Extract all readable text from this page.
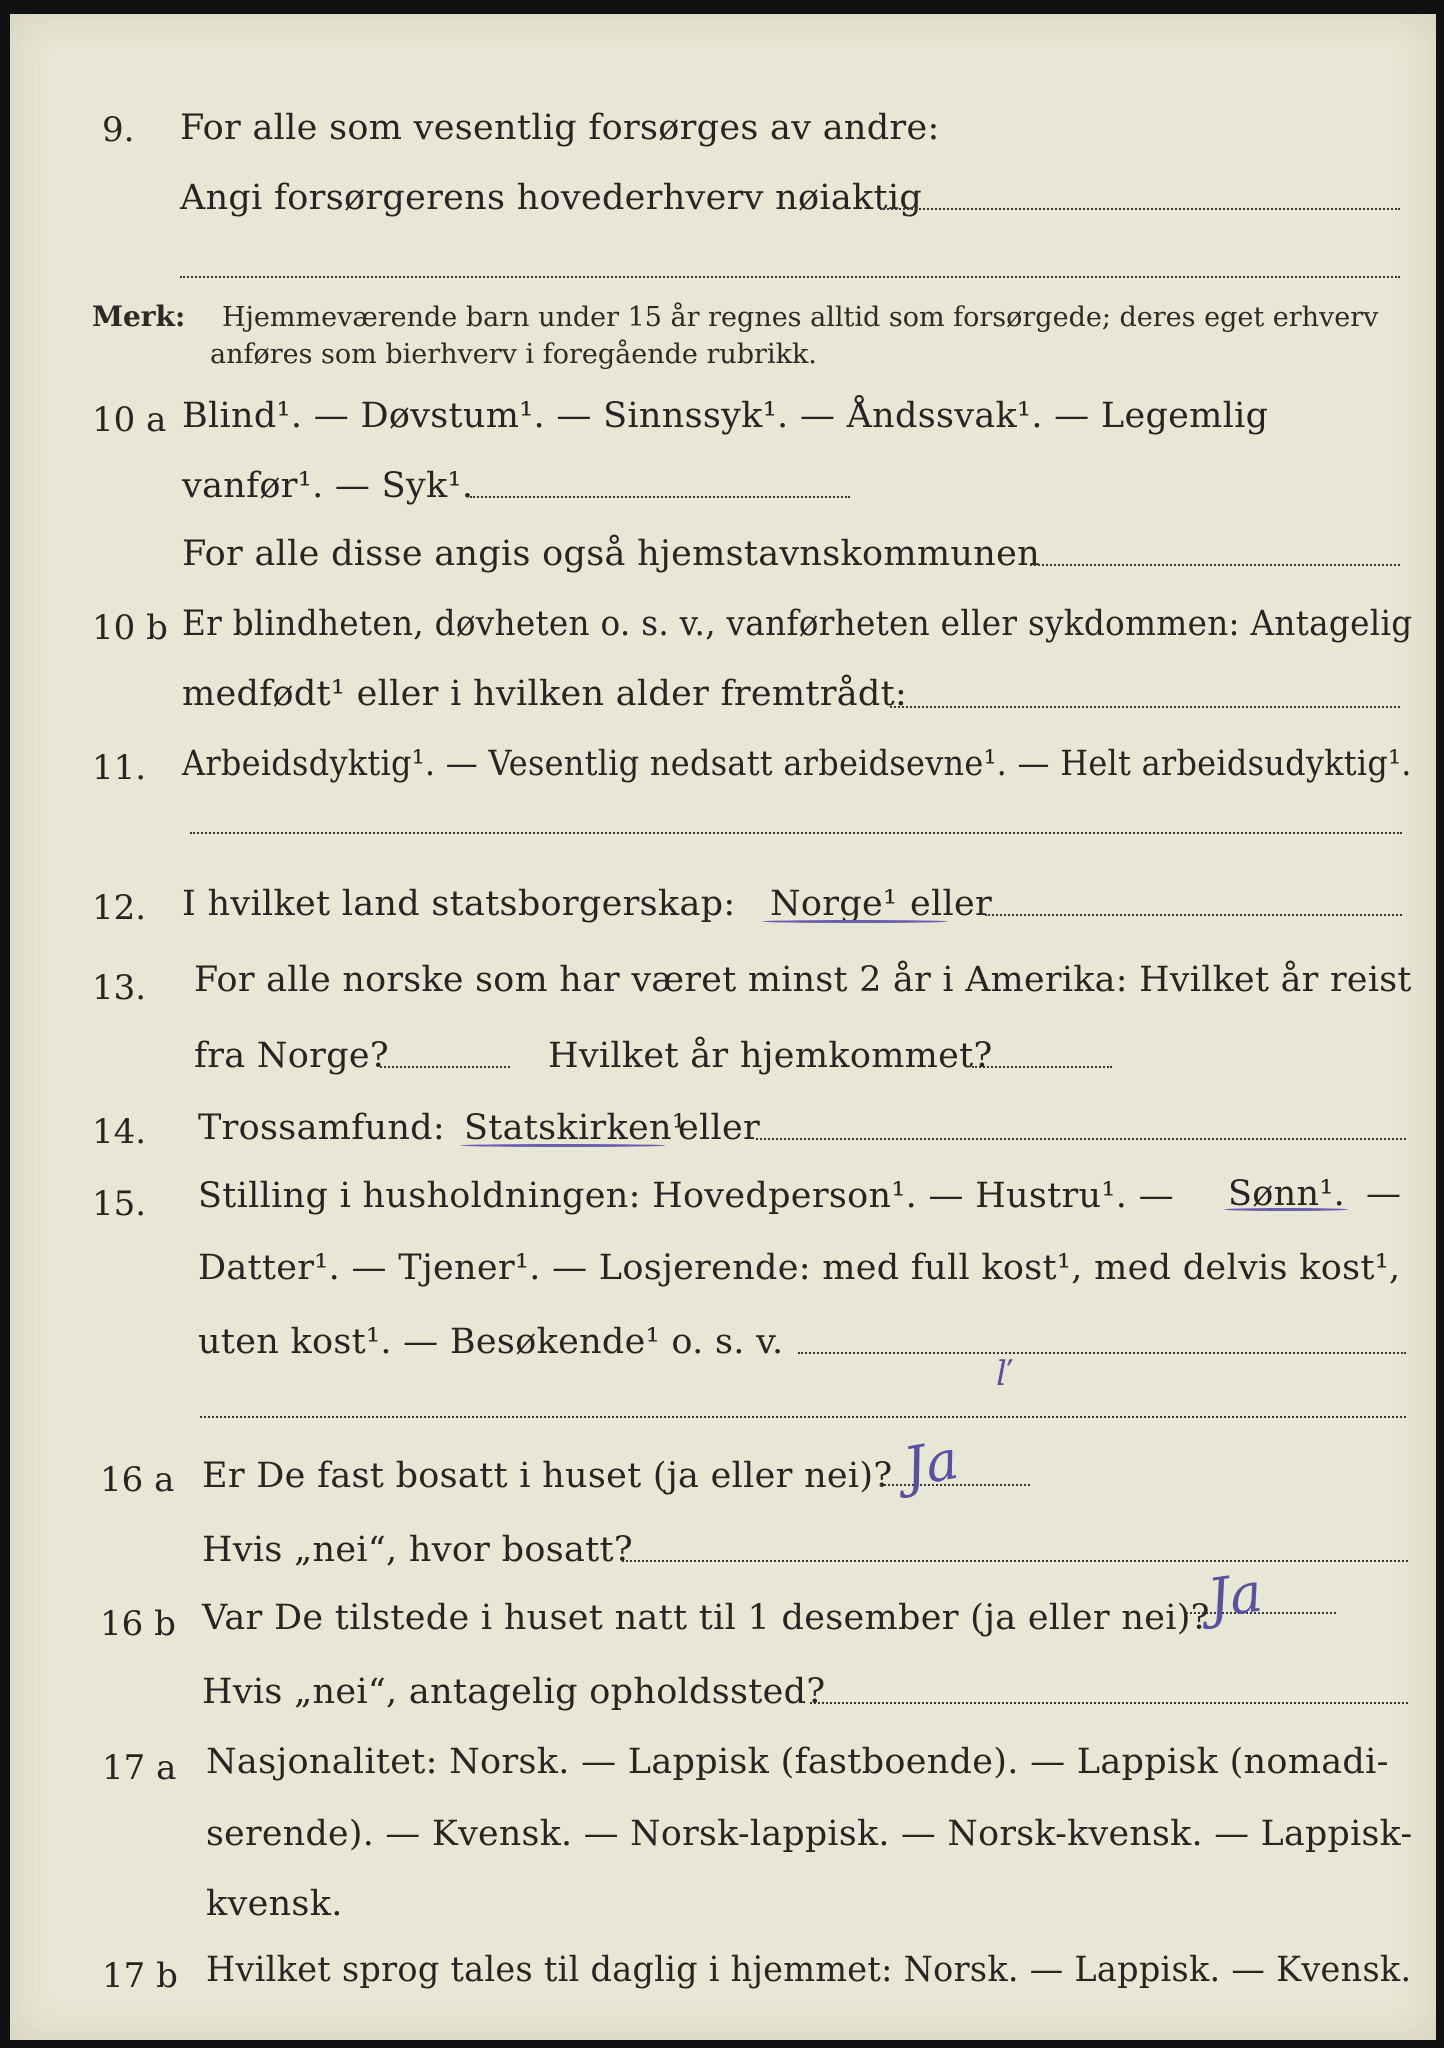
9. For alle som vesentlig forsørges av andre:
Angi forsørgerens hovederhverv nøiaktig
Merk: Hjemmeværende barn under 15 år regnes alltid som forsørgede; deres eget erhverv
anføres som bierhverv i foregående rubrikk.
10 a Blind¹. — Døvstum¹. — Sinnssyk¹. — Åndssvak¹. — Legemlig
vanfør¹. — Syk¹.
For alle disse angis også hjemstavnskommunen
10 b Er blindheten, døvheten o. s. v., vanførheten eller sykdommen: Antagelig
medfødt¹ eller i hvilken alder fremtrådt:
11. Arbeidsdyktig¹. — Vesentlig nedsatt arbeidsevne¹. — Helt arbeidsudyktig¹.
12. I hvilket land statsborgerskap: Norge¹ eller
13. For alle norske som har været minst 2 år i Amerika: Hvilket år reist
fra Norge?	Hvilket år hjemkommet?
14. Trossamfund: Statskirken¹
eller
15. Stilling i husholdningen: Hovedperson¹. — Hustru¹. — Sønn¹. —
Datter¹. — Tjener¹. — Losjerende: med full kost¹, med delvis kost¹,
uten kost¹. — Besøkende¹ o. s. v.
16 a Er De fast bosatt i huset (ja eller nei)? Ja
ľ
Hvis „nei“, hvor bosatt?
16 b Var De tilstede i huset natt til 1 desember (ja eller nei)?
Ja
Hvis „nei“, antagelig opholdssted?
17 a Nasjonalitet: Norsk. — Lappisk (fastboende). — Lappisk (nomadi-
serende). — Kvensk. — Norsk-lappisk. — Norsk-kvensk. — Lappisk-
kvensk.
17 b Hvilket sprog tales til daglig i hjemmet: Norsk. — Lappisk. — Kvensk.
